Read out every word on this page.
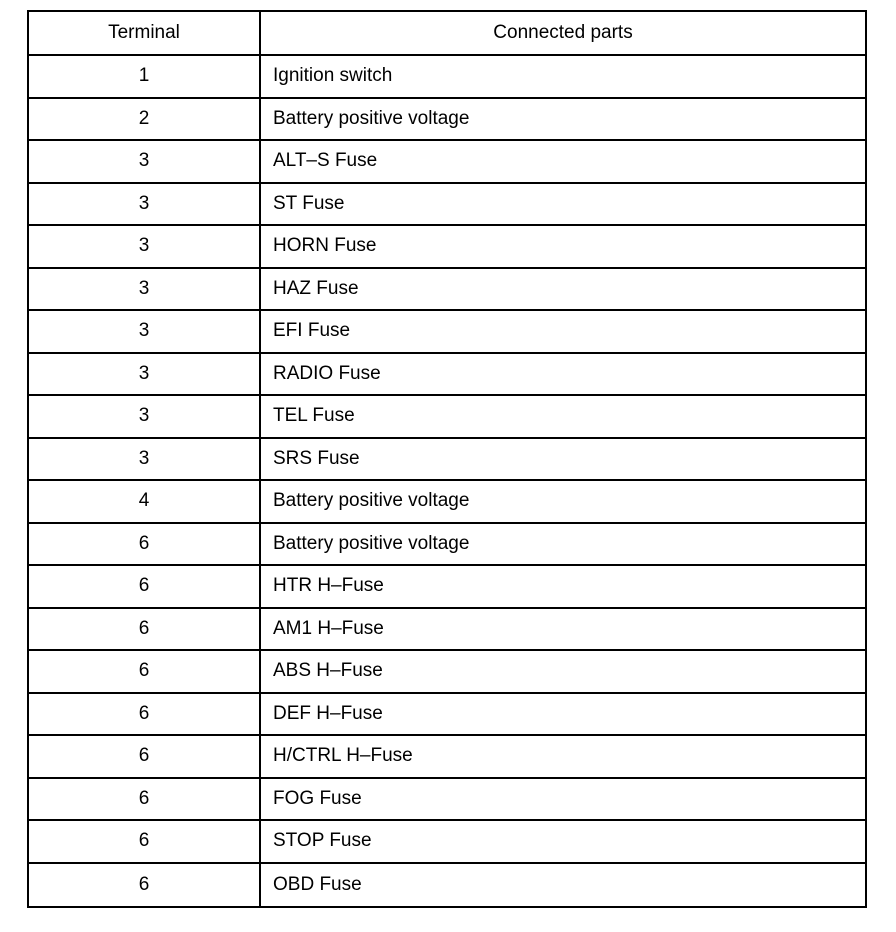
Terminal	Connected parts
1	Ignition switch
2	Battery positive voltage
3	ALT–S Fuse
3	ST Fuse
3	HORN Fuse
3	HAZ Fuse
3	EFI Fuse
3	RADIO Fuse
3	TEL Fuse
3	SRS Fuse
4	Battery positive voltage
6	Battery positive voltage
6	HTR H–Fuse
6	AM1 H–Fuse
6	ABS H–Fuse
6	DEF H–Fuse
6	H/CTRL H–Fuse
6	FOG Fuse
6	STOP Fuse
6	OBD Fuse
